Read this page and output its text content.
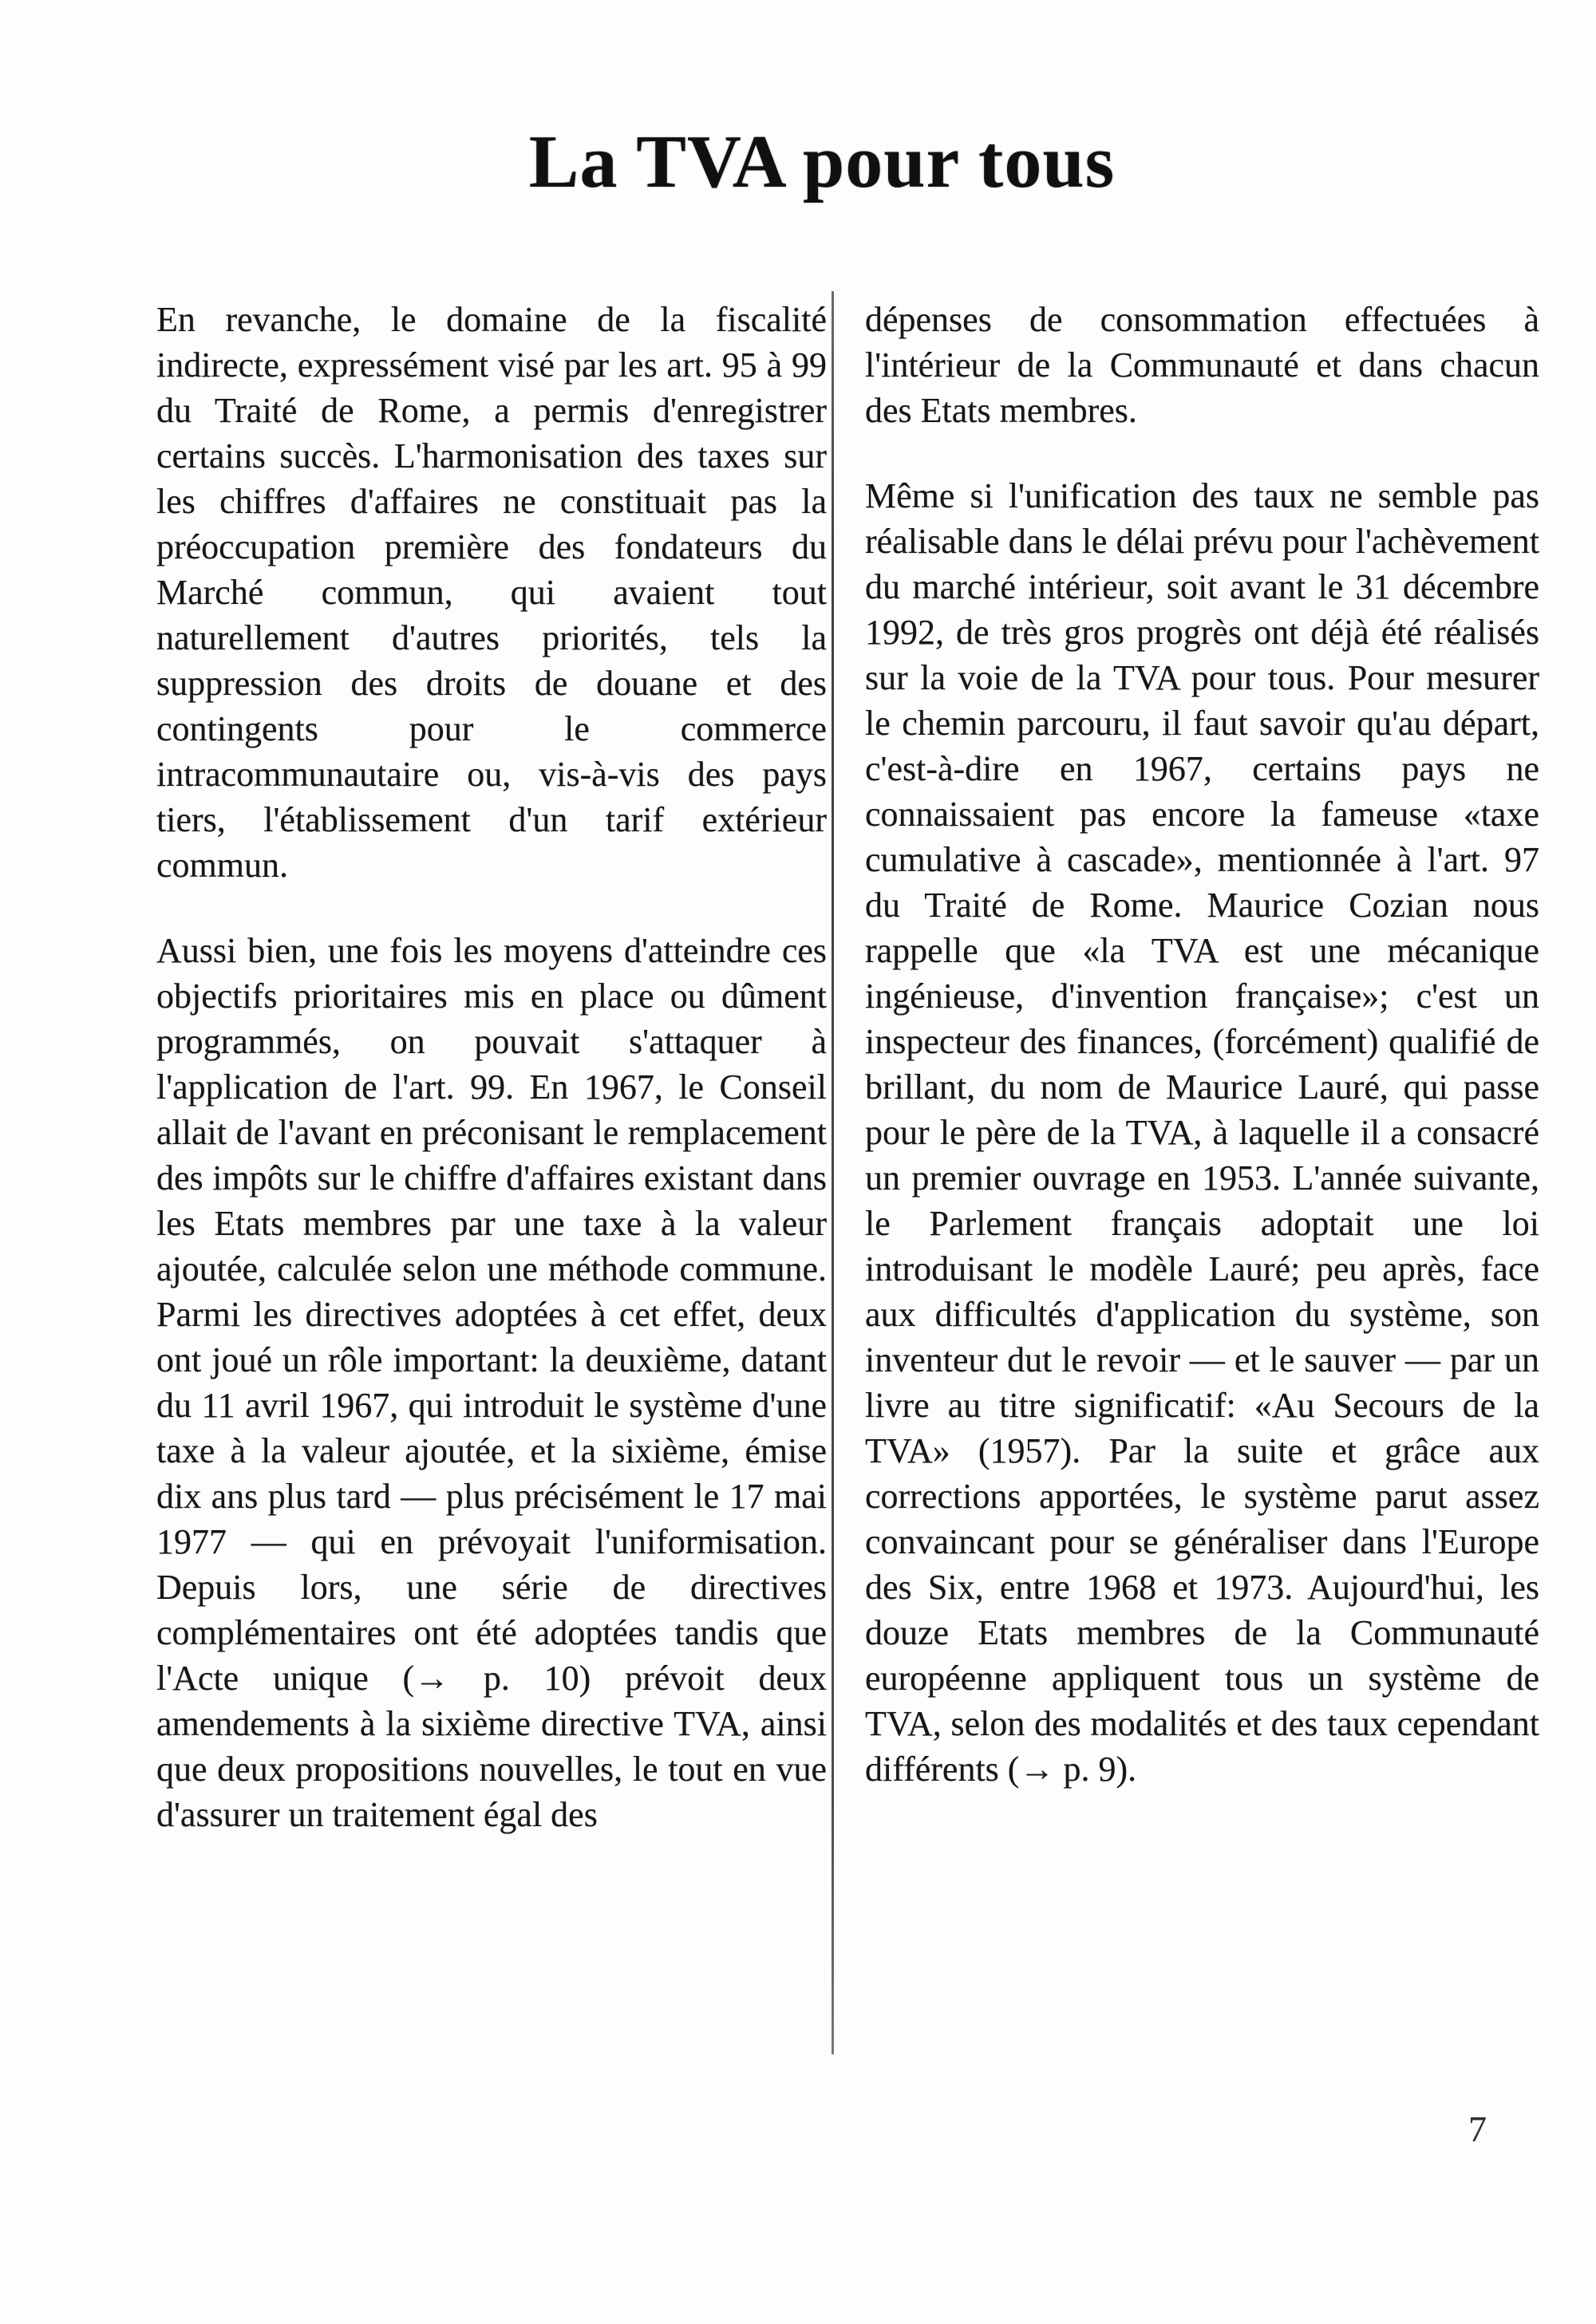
La TVA pour tous

En revanche, le domaine de la fiscalité indirecte, expressément visé par les art. 95 à 99 du Traité de Rome, a permis d'enregistrer certains succès. L'harmonisation des taxes sur les chiffres d'affaires ne constituait pas la préoccupation première des fondateurs du Marché commun, qui avaient tout naturellement d'autres priorités, tels la suppression des droits de douane et des contingents pour le commerce intracommunautaire ou, vis-à-vis des pays tiers, l'établissement d'un tarif extérieur commun.

Aussi bien, une fois les moyens d'atteindre ces objectifs prioritaires mis en place ou dûment programmés, on pouvait s'attaquer à l'application de l'art. 99. En 1967, le Conseil allait de l'avant en préconisant le remplacement des impôts sur le chiffre d'affaires existant dans les Etats membres par une taxe à la valeur ajoutée, calculée selon une méthode commune. Parmi les directives adoptées à cet effet, deux ont joué un rôle important: la deuxième, datant du 11 avril 1967, qui introduit le système d'une taxe à la valeur ajoutée, et la sixième, émise dix ans plus tard — plus précisément le 17 mai 1977 — qui en prévoyait l'uniformisation. Depuis lors, une série de directives complémentaires ont été adoptées tandis que l'Acte unique (→ p. 10) prévoit deux amendements à la sixième directive TVA, ainsi que deux propositions nouvelles, le tout en vue d'assurer un traitement égal des

dépenses de consommation effectuées à l'intérieur de la Communauté et dans chacun des Etats membres.

Même si l'unification des taux ne semble pas réalisable dans le délai prévu pour l'achèvement du marché intérieur, soit avant le 31 décembre 1992, de très gros progrès ont déjà été réalisés sur la voie de la TVA pour tous. Pour mesurer le chemin parcouru, il faut savoir qu'au départ, c'est-à-dire en 1967, certains pays ne connaissaient pas encore la fameuse «taxe cumulative à cascade», mentionnée à l'art. 97 du Traité de Rome. Maurice Cozian nous rappelle que «la TVA est une mécanique ingénieuse, d'invention française»; c'est un inspecteur des finances, (forcément) qualifié de brillant, du nom de Maurice Lauré, qui passe pour le père de la TVA, à laquelle il a consacré un premier ouvrage en 1953. L'année suivante, le Parlement français adoptait une loi introduisant le modèle Lauré; peu après, face aux difficultés d'application du système, son inventeur dut le revoir — et le sauver — par un livre au titre significatif: «Au Secours de la TVA» (1957). Par la suite et grâce aux corrections apportées, le système parut assez convaincant pour se généraliser dans l'Europe des Six, entre 1968 et 1973. Aujourd'hui, les douze Etats membres de la Communauté européenne appliquent tous un système de TVA, selon des modalités et des taux cependant différents (→ p. 9).

7
